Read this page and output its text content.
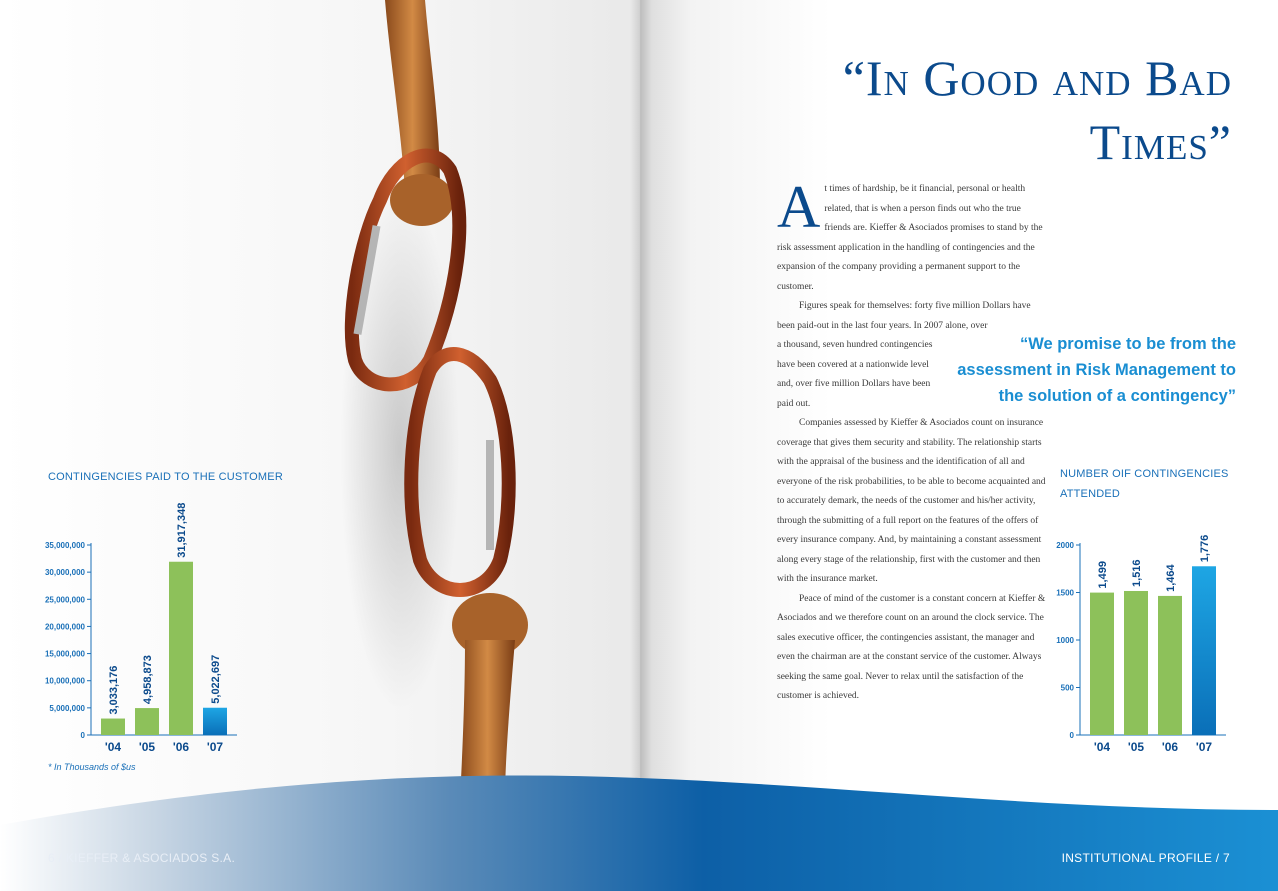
6 / KIEFFER & ASOCIADOS S.A.	INSTITUTIONAL PROFILE / 7
“In Good and Bad Times”

At times of hardship, be it financial, personal or health related, that is when a person finds out who the true friends are. Kieffer & Asociados promises to stand by the risk assessment application in the handling of contingencies and the expansion of the company providing a permanent support to the customer.

Figures speak for themselves: forty five million Dollars have been paid-out in the last four years. In 2007 alone, over

a thousand, seven hundred contingencies have been covered at a nationwide level and, over five million Dollars have been paid out.

Companies assessed by Kieffer & Asociados count on insurance coverage that gives them security and stability. The relationship starts with the appraisal of the business and the identification of all and everyone of the risk probabilities, to be able to become acquainted and to accurately demark, the needs of the customer and his/her activity, through the submitting of a full report on the features of the offers of every insurance company. And, by maintaining a constant assessment along every stage of the relationship, first with the customer and then with the insurance market.

Peace of mind of the customer is a constant concern at Kieffer & Asociados and we therefore count on an around the clock service. The sales executive officer, the contingencies assistant, the manager and even the chairman are at the constant service of the customer. Always seeking the same goal. Never to relax until the satisfaction of the customer is achieved.

“We promise to be from the assessment in Risk Management to the solution of a contingency”
CONTINGENCIES PAID TO THE CUSTOMER
0
5,000,000
10,000,000
15,000,000
20,000,000
25,000,000
30,000,000
35,000,000
3,033,176
'04
4,958,873
'05
31,917,348
'06
5,022,697
'07
* In Thousands of $us
NUMBER OIF CONTINGENCIES ATTENDED
0
500
1000
1500
2000
1,499
'04
1,516
'05
1,464
'06
1,776
'07
